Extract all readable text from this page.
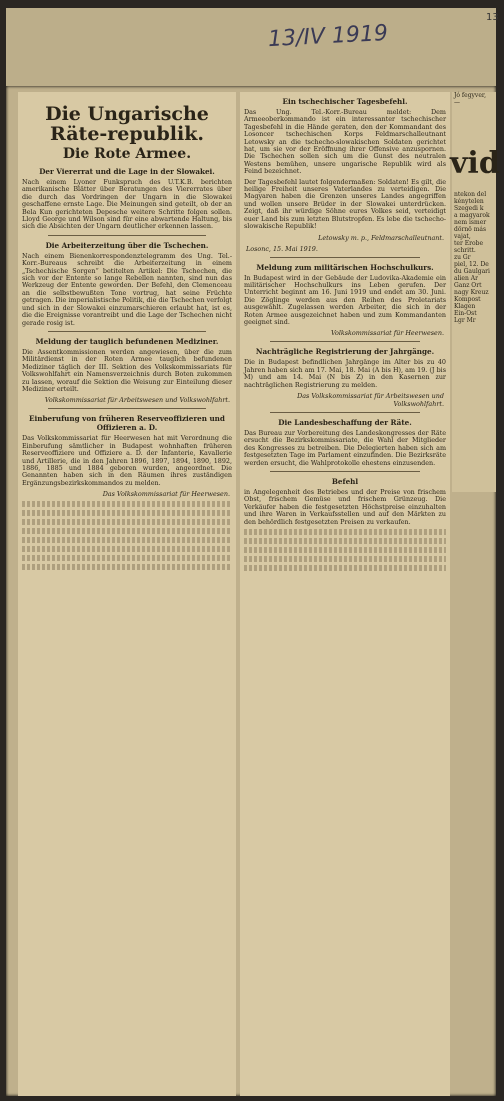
13/IV 1919
13
Die Ungarische Räte-republik.
Die Rote Armee.
Der Viererrat und die Lage in der Slowakei.
Nach einem Lyoner Funkspruch des U.T.K.B. berichten amerikanische Blätter über Beratungen des Viererrates über die durch das Vordringen der Ungarn in die Slowakei geschaffene ernste Lage. Die Meinungen sind geteilt, ob der an Bela Kun gerichteten Depesche weitere Schritte folgen sollen. Lloyd George und Wilson sind für eine abwartende Haltung, bis sich die Absichten der Ungarn deutlicher erkennen lassen.
Die Arbeiterzeitung über die Tschechen.
Nach einem Bienenkorrespondenztelegramm des Ung. Tel.-Korr.-Bureaus schreibt die Arbeiterzeitung in einem „Tschechische Sorgen“ betitelten Artikel: Die Tschechen, die sich vor der Entente so lange Rebellen nannten, sind nun das Werkzeug der Entente geworden. Der Befehl, den Clemenceau an die selbstbewußten Tone vortrug, hat seine Früchte getragen. Die imperialistische Politik, die die Tschechen verfolgt und sich in der Slowakei einzumarschieren erlaubt hat, ist es, die die Ereignisse vorantreibt und die Lage der Tschechen nicht gerade rosig ist.
Meldung der tauglich befundenen Mediziner.
Die Assentkommissionen werden angewiesen, über die zum Militärdienst in der Roten Armee tauglich befundenen Mediziner täglich der III. Sektion des Volkskommissariats für Volkswohlfahrt ein Namensverzeichnis durch Boten zukommen zu lassen, worauf die Sektion die Weisung zur Einteilung dieser Mediziner erteilt.
Volkskommissariat für Arbeitswesen und Volkswohlfahrt.
Einberufung von früheren Reserveoffizieren und Offizieren a. D.
Das Volkskommissariat für Heerwesen hat mit Verordnung die Einberufung sämtlicher in Budapest wohnhaften früheren Reserveoffiziere und Offiziere a. D. der Infanterie, Kavallerie und Artillerie, die in den Jahren 1896, 1897, 1894, 1890, 1892, 1886, 1885 und 1884 geboren wurden, angeordnet. Die Genannten haben sich in den Räumen ihres zuständigen Ergänzungsbezirkskommandos zu melden.
Das Volkskommissariat für Heerwesen.
Ein tschechischer Tagesbefehl.
Das Ung. Tel.-Korr.-Bureau meldet: Dem Armeeoberkommando ist ein interessanter tschechischer Tagesbefehl in die Hände geraten, den der Kommandant des Losoncer tschechischen Korps Feldmarschalleutnant Letowsky an die tschecho-slowakischen Soldaten gerichtet hat, um sie vor der Eröffnung ihrer Offensive anzuspornen. Die Tschechen sollen sich um die Gunst des neutralen Westens bemühen, unsere ungarische Republik wird als Feind bezeichnet.
Der Tagesbefehl lautet folgendermaßen: Soldaten! Es gilt, die heilige Freiheit unseres Vaterlandes zu verteidigen. Die Magyaren haben die Grenzen unseres Landes angegriffen und wollen unsere Brüder in der Slowakei unterdrücken. Zeigt, daß ihr würdige Söhne eures Volkes seid, verteidigt euer Land bis zum letzten Blutstropfen. Es lebe die tschecho-slowakische Republik!
Letowsky m. p., Feldmarschalleutnant.
Losonc, 15. Mai 1919.
Meldung zum militärischen Hochschulkurs.
In Budapest wird in der Gebäude der Ludovika-Akademie ein militärischer Hochschulkurs ins Leben gerufen. Der Unterricht beginnt am 16. Juni 1919 und endet am 30. Juni. Die Zöglinge werden aus den Reihen des Proletariats ausgewählt. Zugelassen werden Arbeiter, die sich in der Roten Armee ausgezeichnet haben und zum Kommandanten geeignet sind.
Volkskommissariat für Heerwesen.
Nachträgliche Registrierung der Jahrgänge.
Die in Budapest befindlichen Jahrgänge im Alter bis zu 40 Jahren haben sich am 17. Mai, 18. Mai (A bis H), am 19. (J bis M) und am 14. Mai (N bis Z) in den Kasernen zur nachträglichen Registrierung zu melden.
Das Volkskommissariat für Arbeitswesen und Volkswohlfahrt.
Die Landesbeschaffung der Räte.
Das Bureau zur Vorbereitung des Landeskongresses der Räte ersucht die Bezirkskommissariate, die Wahl der Mitglieder des Kongresses zu betreiben. Die Delegierten haben sich am festgesetzten Tage im Parlament einzufinden. Die Bezirksräte werden ersucht, die Wahlprotokolle ehestens einzusenden.
Befehl
in Angelegenheit des Betriebes und der Preise von frischem Obst, frischem Gemüse und frischem Grünzeug. Die Verkäufer haben die festgesetzten Höchstpreise einzuhalten und ihre Waren in Verkaufsstellen und auf den Märkten zu den behördlich festgesetzten Preisen zu verkaufen.
Jó fegyver,
—
vid
ntekon del
kénytelen
Szegedi k
a magyarok
nem ismer
dörnö más
vajat,
ter Erobe
schritt.
zu Gr
piel, 12. De
du Gaulgari
alien Ar
Ganz Ort
nagy Kreuz
Kompost
Klagen
Ein-Ost
Lgr Mr
